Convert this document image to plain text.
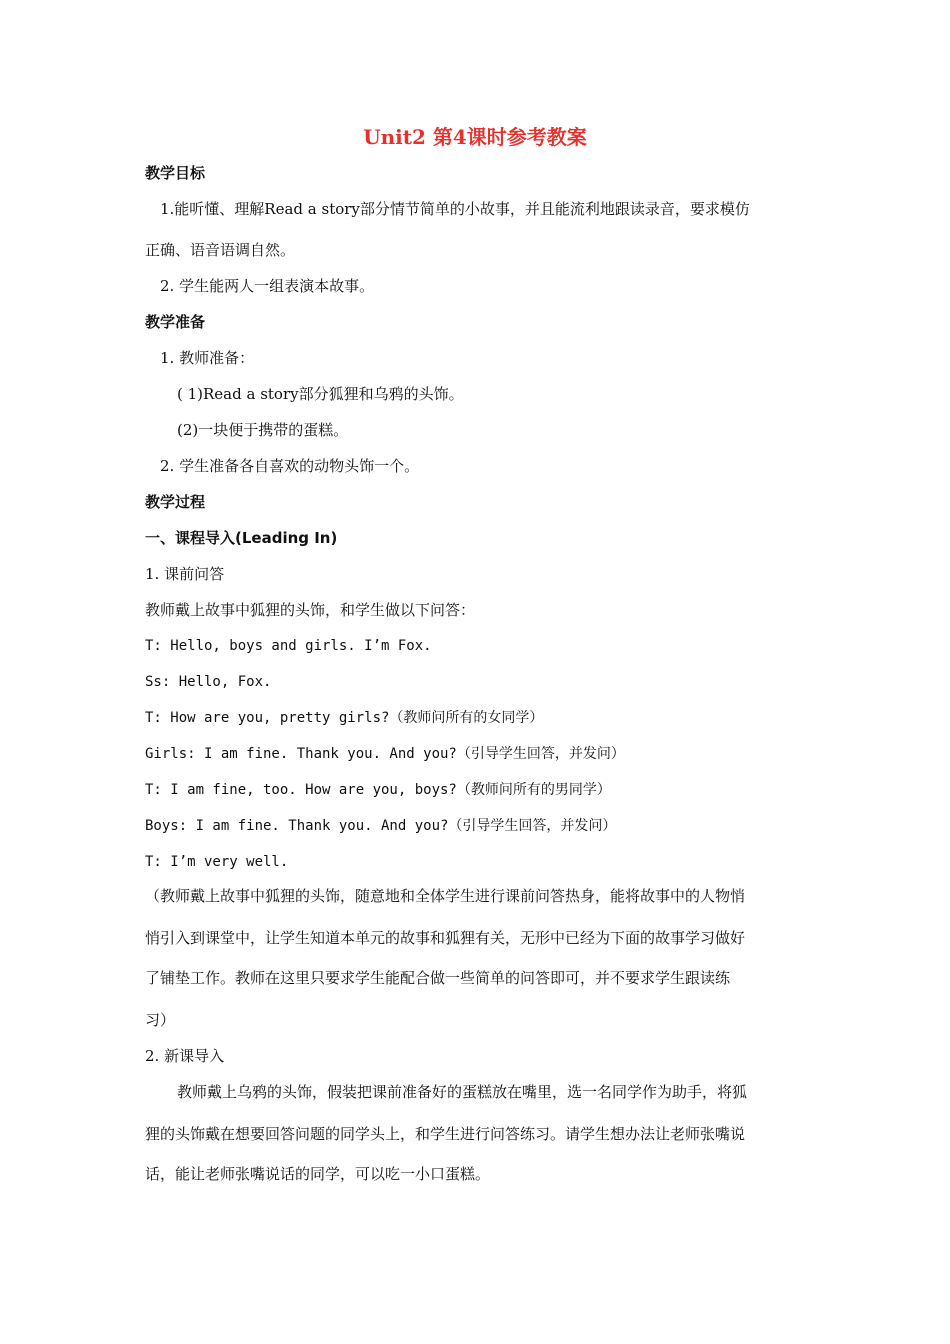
Unit2 第4课时参考教案
教学目标
1.能听懂、理解Read a story部分情节简单的小故事，并且能流利地跟读录音，要求模仿
正确、语音语调自然。
2. 学生能两人一组表演本故事。
教学准备
1. 教师准备：
( 1)Read a story部分狐狸和乌鸦的头饰。
(2)一块便于携带的蛋糕。
2. 学生准备各自喜欢的动物头饰一个。
教学过程
一、课程导入(Leading In)
1. 课前问答
教师戴上故事中狐狸的头饰，和学生做以下问答：
T: Hello, boys and girls. I’m Fox.
Ss: Hello, Fox.
T: How are you, pretty girls?（教师问所有的女同学）
Girls: I am fine. Thank you. And you?（引导学生回答，并发问）
T: I am fine, too. How are you, boys?（教师问所有的男同学）
Boys: I am fine. Thank you. And you?（引导学生回答，并发问）
T: I’m very well.
（教师戴上故事中狐狸的头饰，随意地和全体学生进行课前问答热身，能将故事中的人物悄
悄引入到课堂中，让学生知道本单元的故事和狐狸有关，无形中已经为下面的故事学习做好
了铺垫工作。教师在这里只要求学生能配合做一些简单的问答即可，并不要求学生跟读练
习）
2. 新课导入
教师戴上乌鸦的头饰，假装把课前准备好的蛋糕放在嘴里，选一名同学作为助手，将狐
狸的头饰戴在想要回答问题的同学头上，和学生进行问答练习。请学生想办法让老师张嘴说
话，能让老师张嘴说话的同学，可以吃一小口蛋糕。
